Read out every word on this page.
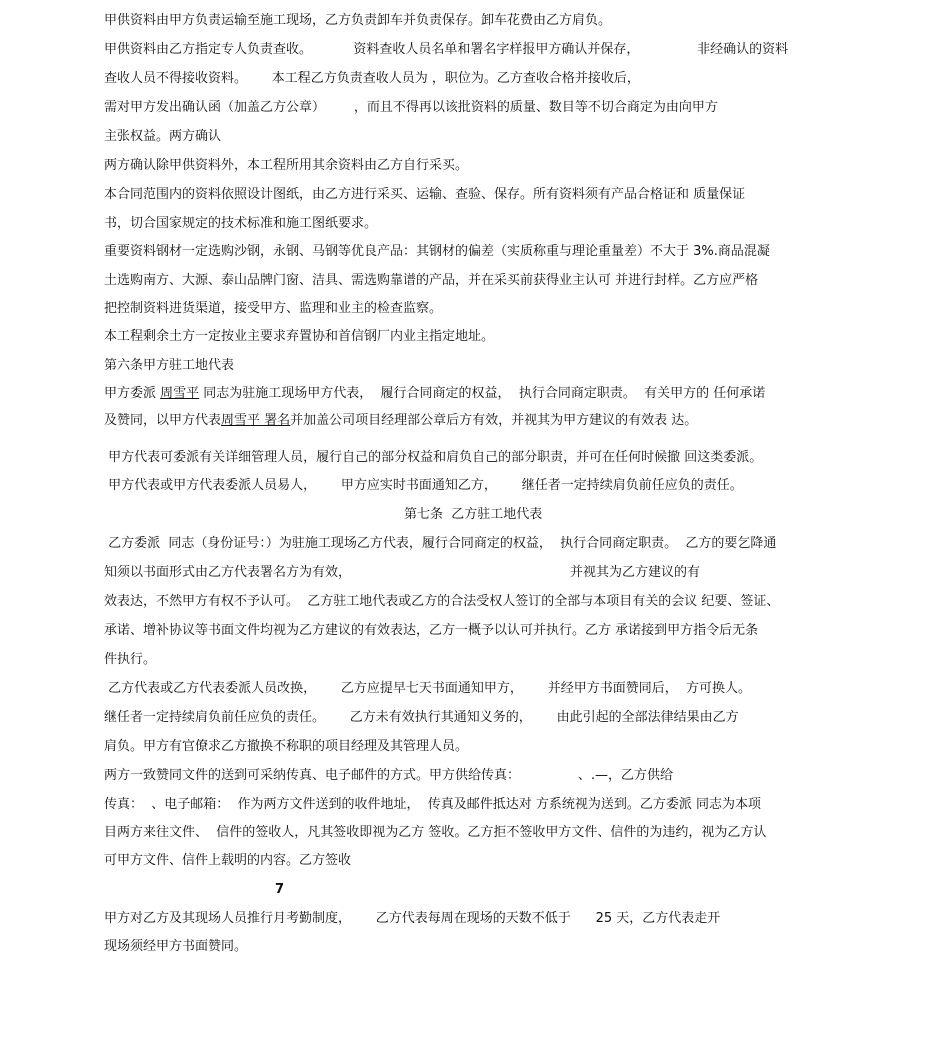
甲供资料由甲方负责运输至施工现场，乙方负责卸车并负责保存。卸车花费由乙方肩负。
甲供资料由乙方指定专人负责查收。          资料查收人员名单和署名字样报甲方确认并保存，              非经确认的资料
查收人员不得接收资料。      本工程乙方负责查收人员为 ，职位为。乙方查收合格并接收后，
需对甲方发出确认函（加盖乙方公章）       ，而且不得再以该批资料的质量、数目等不切合商定为由向甲方
主张权益。两方确认
两方确认除甲供资料外，本工程所用其余资料由乙方自行采买。
本合同范围内的资料依照设计图纸，由乙方进行采买、运输、查验、保存。所有资料须有产品合格证和 质量保证
书，切合国家规定的技术标准和施工图纸要求。
重要资料钢材一定选购沙钢，永钢、马钢等优良产品：其钢材的偏差（实质称重与理论重量差）不大于 3%.商品混凝
土选购南方、大源、泰山品牌门窗、洁具、需选购靠谱的产品，并在采买前获得业主认可 并进行封样。乙方应严格
把控制资料进货渠道，接受甲方、监理和业主的检查监察。
本工程剩余土方一定按业主要求弃置协和首信钢厂内业主指定地址。
第六条甲方驻工地代表
甲方委派 周雪平 同志为驻施工现场甲方代表，  履行合同商定的权益，  执行合同商定职责。  有关甲方的 任何承诺
及赞同，以甲方代表周雪平 署名并加盖公司项目经理部公章后方有效，并视其为甲方建议的有效表 达。
甲方代表可委派有关详细管理人员，履行自己的部分权益和肩负自己的部分职责，并可在任何时候撤 回这类委派。
甲方代表或甲方代表委派人员易人，      甲方应实时书面通知乙方，      继任者一定持续肩负前任应负的责任。
第七条  乙方驻工地代表
乙方委派  同志（身份证号：）为驻施工现场乙方代表，履行合同商定的权益，  执行合同商定职责。  乙方的要乞降通
知须以书面形式由乙方代表署名方为有效，                                                     并视其为乙方建议的有
效表达，不然甲方有权不予认可。  乙方驻工地代表或乙方的合法受权人签订的全部与本项目有关的会议 纪要、签证、
承诺、增补协议等书面文件均视为乙方建议的有效表达，乙方一概予以认可并执行。乙方 承诺接到甲方指令后无条
件执行。
乙方代表或乙方代表委派人员改换，      乙方应提早七天书面通知甲方，      并经甲方书面赞同后，  方可换人。
继任者一定持续肩负前任应负的责任。      乙方未有效执行其通知义务的，      由此引起的全部法律结果由乙方
肩负。甲方有官僚求乙方撤换不称职的项目经理及其管理人员。
两方一致赞同文件的送到可采纳传真、电子邮件的方式。甲方供给传真：              、.—，乙方供给
传真：  、电子邮箱：  作为两方文件送到的收件地址，  传真及邮件抵达对 方系统视为送到。乙方委派 同志为本项
目两方来往文件、  信件的签收人，凡其签收即视为乙方 签收。乙方拒不签收甲方文件、信件的为违约，视为乙方认
可甲方文件、信件上载明的内容。乙方签收
7
甲方对乙方及其现场人员推行月考勤制度，      乙方代表每周在现场的天数不低于      25 天，乙方代表走开
现场须经甲方书面赞同。
